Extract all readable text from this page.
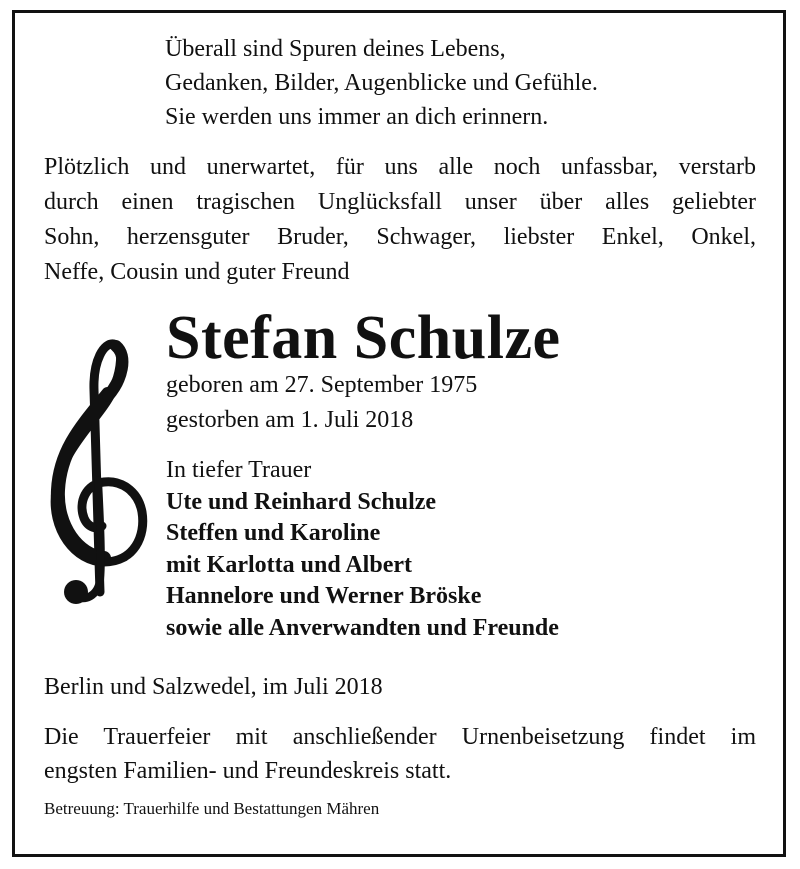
Überall sind Spuren deines Lebens,
Gedanken, Bilder, Augenblicke und Gefühle.
Sie werden uns immer an dich erinnern.
Plötzlich und unerwartet, für uns alle noch unfassbar, verstarb
durch einen tragischen Unglücksfall unser über alles geliebter
Sohn, herzensguter Bruder, Schwager, liebster Enkel, Onkel,
Neffe, Cousin und guter Freund
Stefan Schulze
geboren am 27. September 1975
gestorben am 1. Juli 2018
In tiefer Trauer
Ute und Reinhard Schulze
Steffen und Karoline
mit Karlotta und Albert
Hannelore und Werner Bröske
sowie alle Anverwandten und Freunde
Berlin und Salzwedel, im Juli 2018
Die Trauerfeier mit anschließender Urnenbeisetzung findet im
engsten Familien- und Freundeskreis statt.
Betreuung: Trauerhilfe und Bestattungen Mähren
